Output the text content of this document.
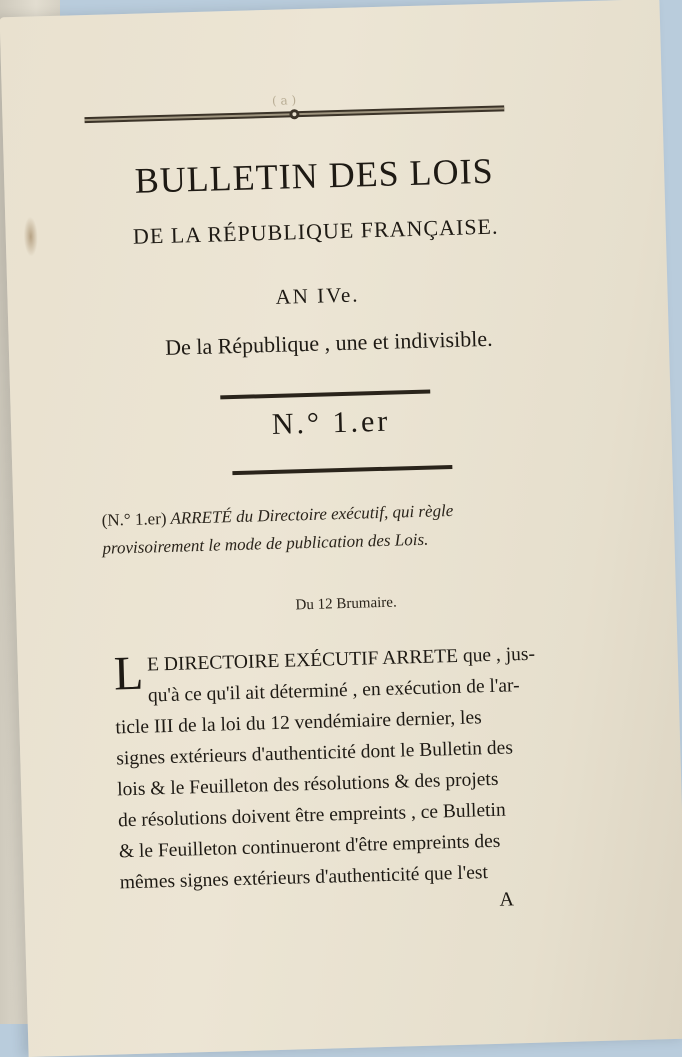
( a )
BULLETIN DES LOIS
DE LA RÉPUBLIQUE FRANÇAISE.
AN IVe.
De la République , une et indivisible.
N.° 1.er
(N.° 1.er) ARRETÉ du Directoire exécutif, qui règle
provisoirement le mode de publication des Lois.
Du 12 Brumaire.
L E DIRECTOIRE EXÉCUTIF ARRETE que , jus-
qu'à ce qu'il ait déterminé , en exécution de l'ar-
ticle III de la loi du 12 vendémiaire dernier, les
signes extérieurs d'authenticité dont le Bulletin des
lois & le Feuilleton des résolutions & des projets
de résolutions doivent être empreints , ce Bulletin
& le Feuilleton continueront d'être empreints des
mêmes signes extérieurs d'authenticité que l'est
A
